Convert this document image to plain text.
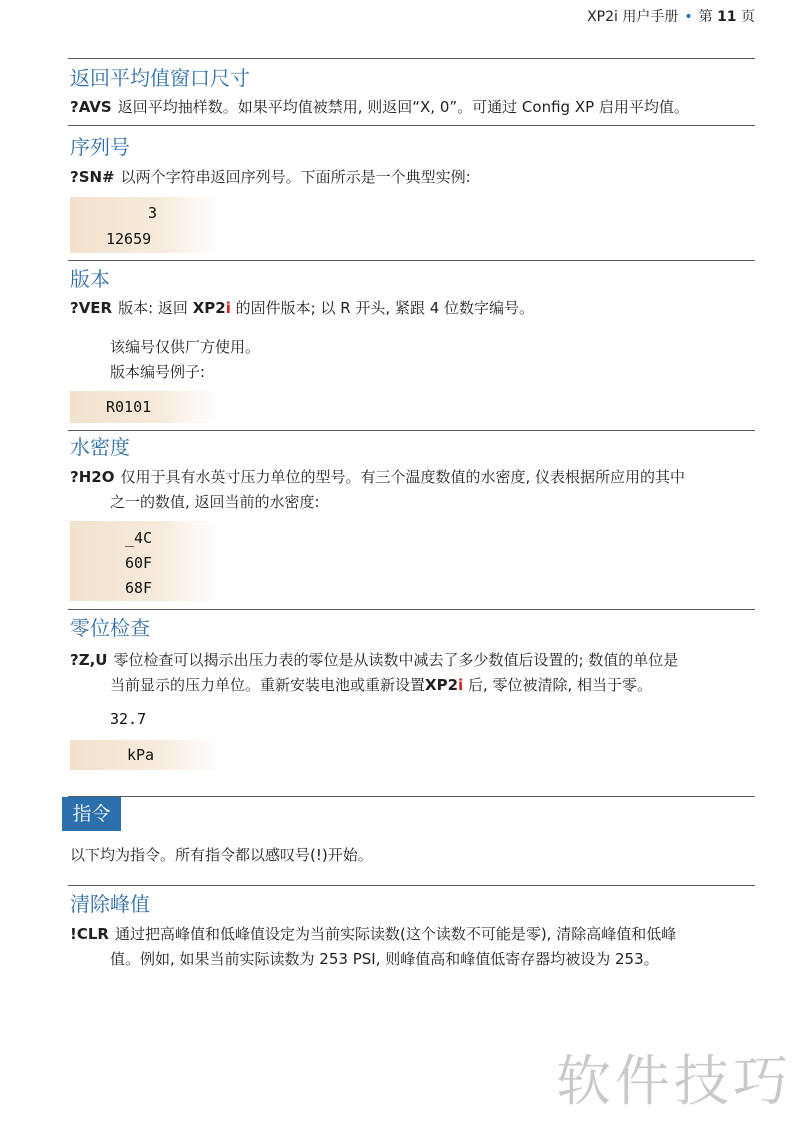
XP2i 用户手册 • 第 11 页
返回平均值窗口尺寸
?AVS 返回平均抽样数。如果平均值被禁用, 则返回“X, 0”。可通过 Config XP 启用平均值。
序列号
?SN# 以两个字符串返回序列号。下面所示是一个典型实例:
3
12659
版本
?VER 版本: 返回 XP2i 的固件版本; 以 R 开头, 紧跟 4 位数字编号。
该编号仅供厂方使用。
版本编号例子:
R0101
水密度
?H2O 仅用于具有水英寸压力单位的型号。有三个温度数值的水密度, 仪表根据所应用的其中
之一的数值, 返回当前的水密度:
_4C
60F
68F
零位检查
?Z,U 零位检查可以揭示出压力表的零位是从读数中减去了多少数值后设置的; 数值的单位是
当前显示的压力单位。重新安装电池或重新设置XP2i 后, 零位被清除, 相当于零。
32.7
kPa
指令
以下均为指令。所有指令都以感叹号(!)开始。
清除峰值
!CLR 通过把高峰值和低峰值设定为当前实际读数(这个读数不可能是零), 清除高峰值和低峰
值。例如, 如果当前实际读数为 253 PSI, 则峰值高和峰值低寄存器均被设为 253。
软件技巧
